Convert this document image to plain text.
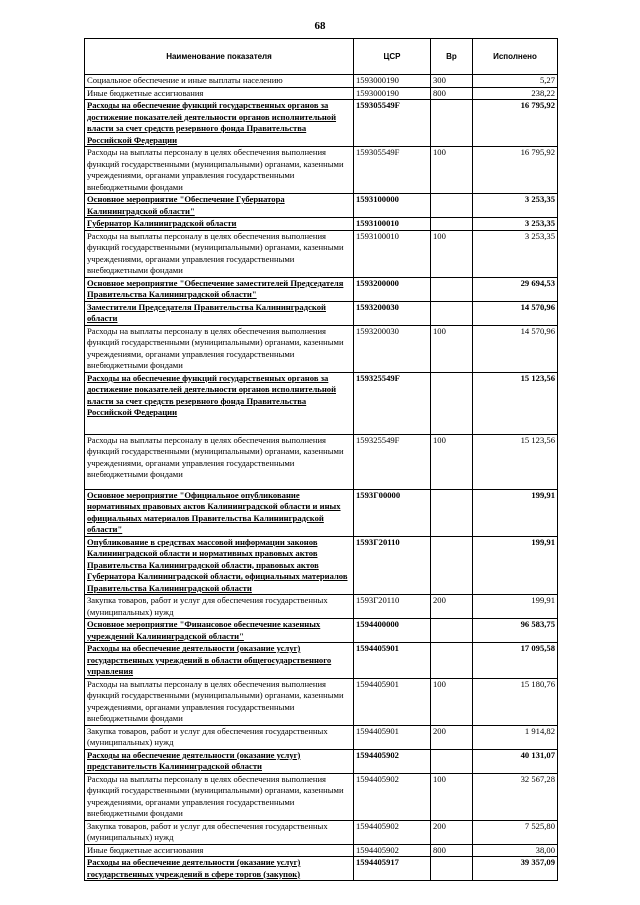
68
Наименование показателя	ЦСР	Вр	Исполнено
Социальное обеспечение и иные выплаты населению	1593000190	300	5,27
Иные бюджетные ассигнования	1593000190	800	238,22
Расходы на обеспечение функций государственных органов за достижение показателей деятельности органов исполнительной власти за счет средств резервного фонда Правительства Российской Федерации	159305549F		16 795,92
Расходы на выплаты персоналу в целях обеспечения выполнения функций государственными (муниципальными) органами, казенными учреждениями, органами управления государственными внебюджетными фондами	159305549F	100	16 795,92
Основное мероприятие "Обеспечение Губернатора Калининградской области"	1593100000		3 253,35
Губернатор Калининградской области	1593100010		3 253,35
Расходы на выплаты персоналу в целях обеспечения выполнения функций государственными (муниципальными) органами, казенными учреждениями, органами управления государственными внебюджетными фондами	1593100010	100	3 253,35
Основное мероприятие "Обеспечение заместителей Председателя Правительства Калининградской области"	1593200000		29 694,53
Заместители Председателя Правительства Калининградской области	1593200030		14 570,96
Расходы на выплаты персоналу в целях обеспечения выполнения функций государственными (муниципальными) органами, казенными учреждениями, органами управления государственными внебюджетными фондами	1593200030	100	14 570,96
Расходы на обеспечение функций государственных органов за достижение показателей деятельности органов исполнительной власти за счет средств резервного фонда Правительства Российской Федерации	159325549F		15 123,56
Расходы на выплаты персоналу в целях обеспечения выполнения функций государственными (муниципальными) органами, казенными учреждениями, органами управления государственными внебюджетными фондами	159325549F	100	15 123,56
Основное мероприятие "Официальное опубликование нормативных правовых актов Калининградской области и иных официальных материалов Правительства Калининградской области"	1593Г00000		199,91
Опубликование в средствах массовой информации законов Калининградской области и нормативных правовых актов Правительства Калининградской области, правовых актов Губернатора Калининградской области, официальных материалов Правительства Калининградской области	1593Г20110		199,91
Закупка товаров, работ и услуг для обеспечения государственных (муниципальных) нужд	1593Г20110	200	199,91
Основное мероприятие "Финансовое обеспечение казенных учреждений Калининградской области"	1594400000		96 583,75
Расходы на обеспечение деятельности (оказание услуг) государственных учреждений в области общегосударственного управления	1594405901		17 095,58
Расходы на выплаты персоналу в целях обеспечения выполнения функций государственными (муниципальными) органами, казенными учреждениями, органами управления государственными внебюджетными фондами	1594405901	100	15 180,76
Закупка товаров, работ и услуг для обеспечения государственных (муниципальных) нужд	1594405901	200	1 914,82
Расходы на обеспечение деятельности (оказание услуг) представительств Калининградской области	1594405902		40 131,07
Расходы на выплаты персоналу в целях обеспечения выполнения функций государственными (муниципальными) органами, казенными учреждениями, органами управления государственными внебюджетными фондами	1594405902	100	32 567,28
Закупка товаров, работ и услуг для обеспечения государственных (муниципальных) нужд	1594405902	200	7 525,80
Иные бюджетные ассигнования	1594405902	800	38,00
Расходы на обеспечение деятельности (оказание услуг) государственных учреждений в сфере торгов (закупок)	1594405917		39 357,09
